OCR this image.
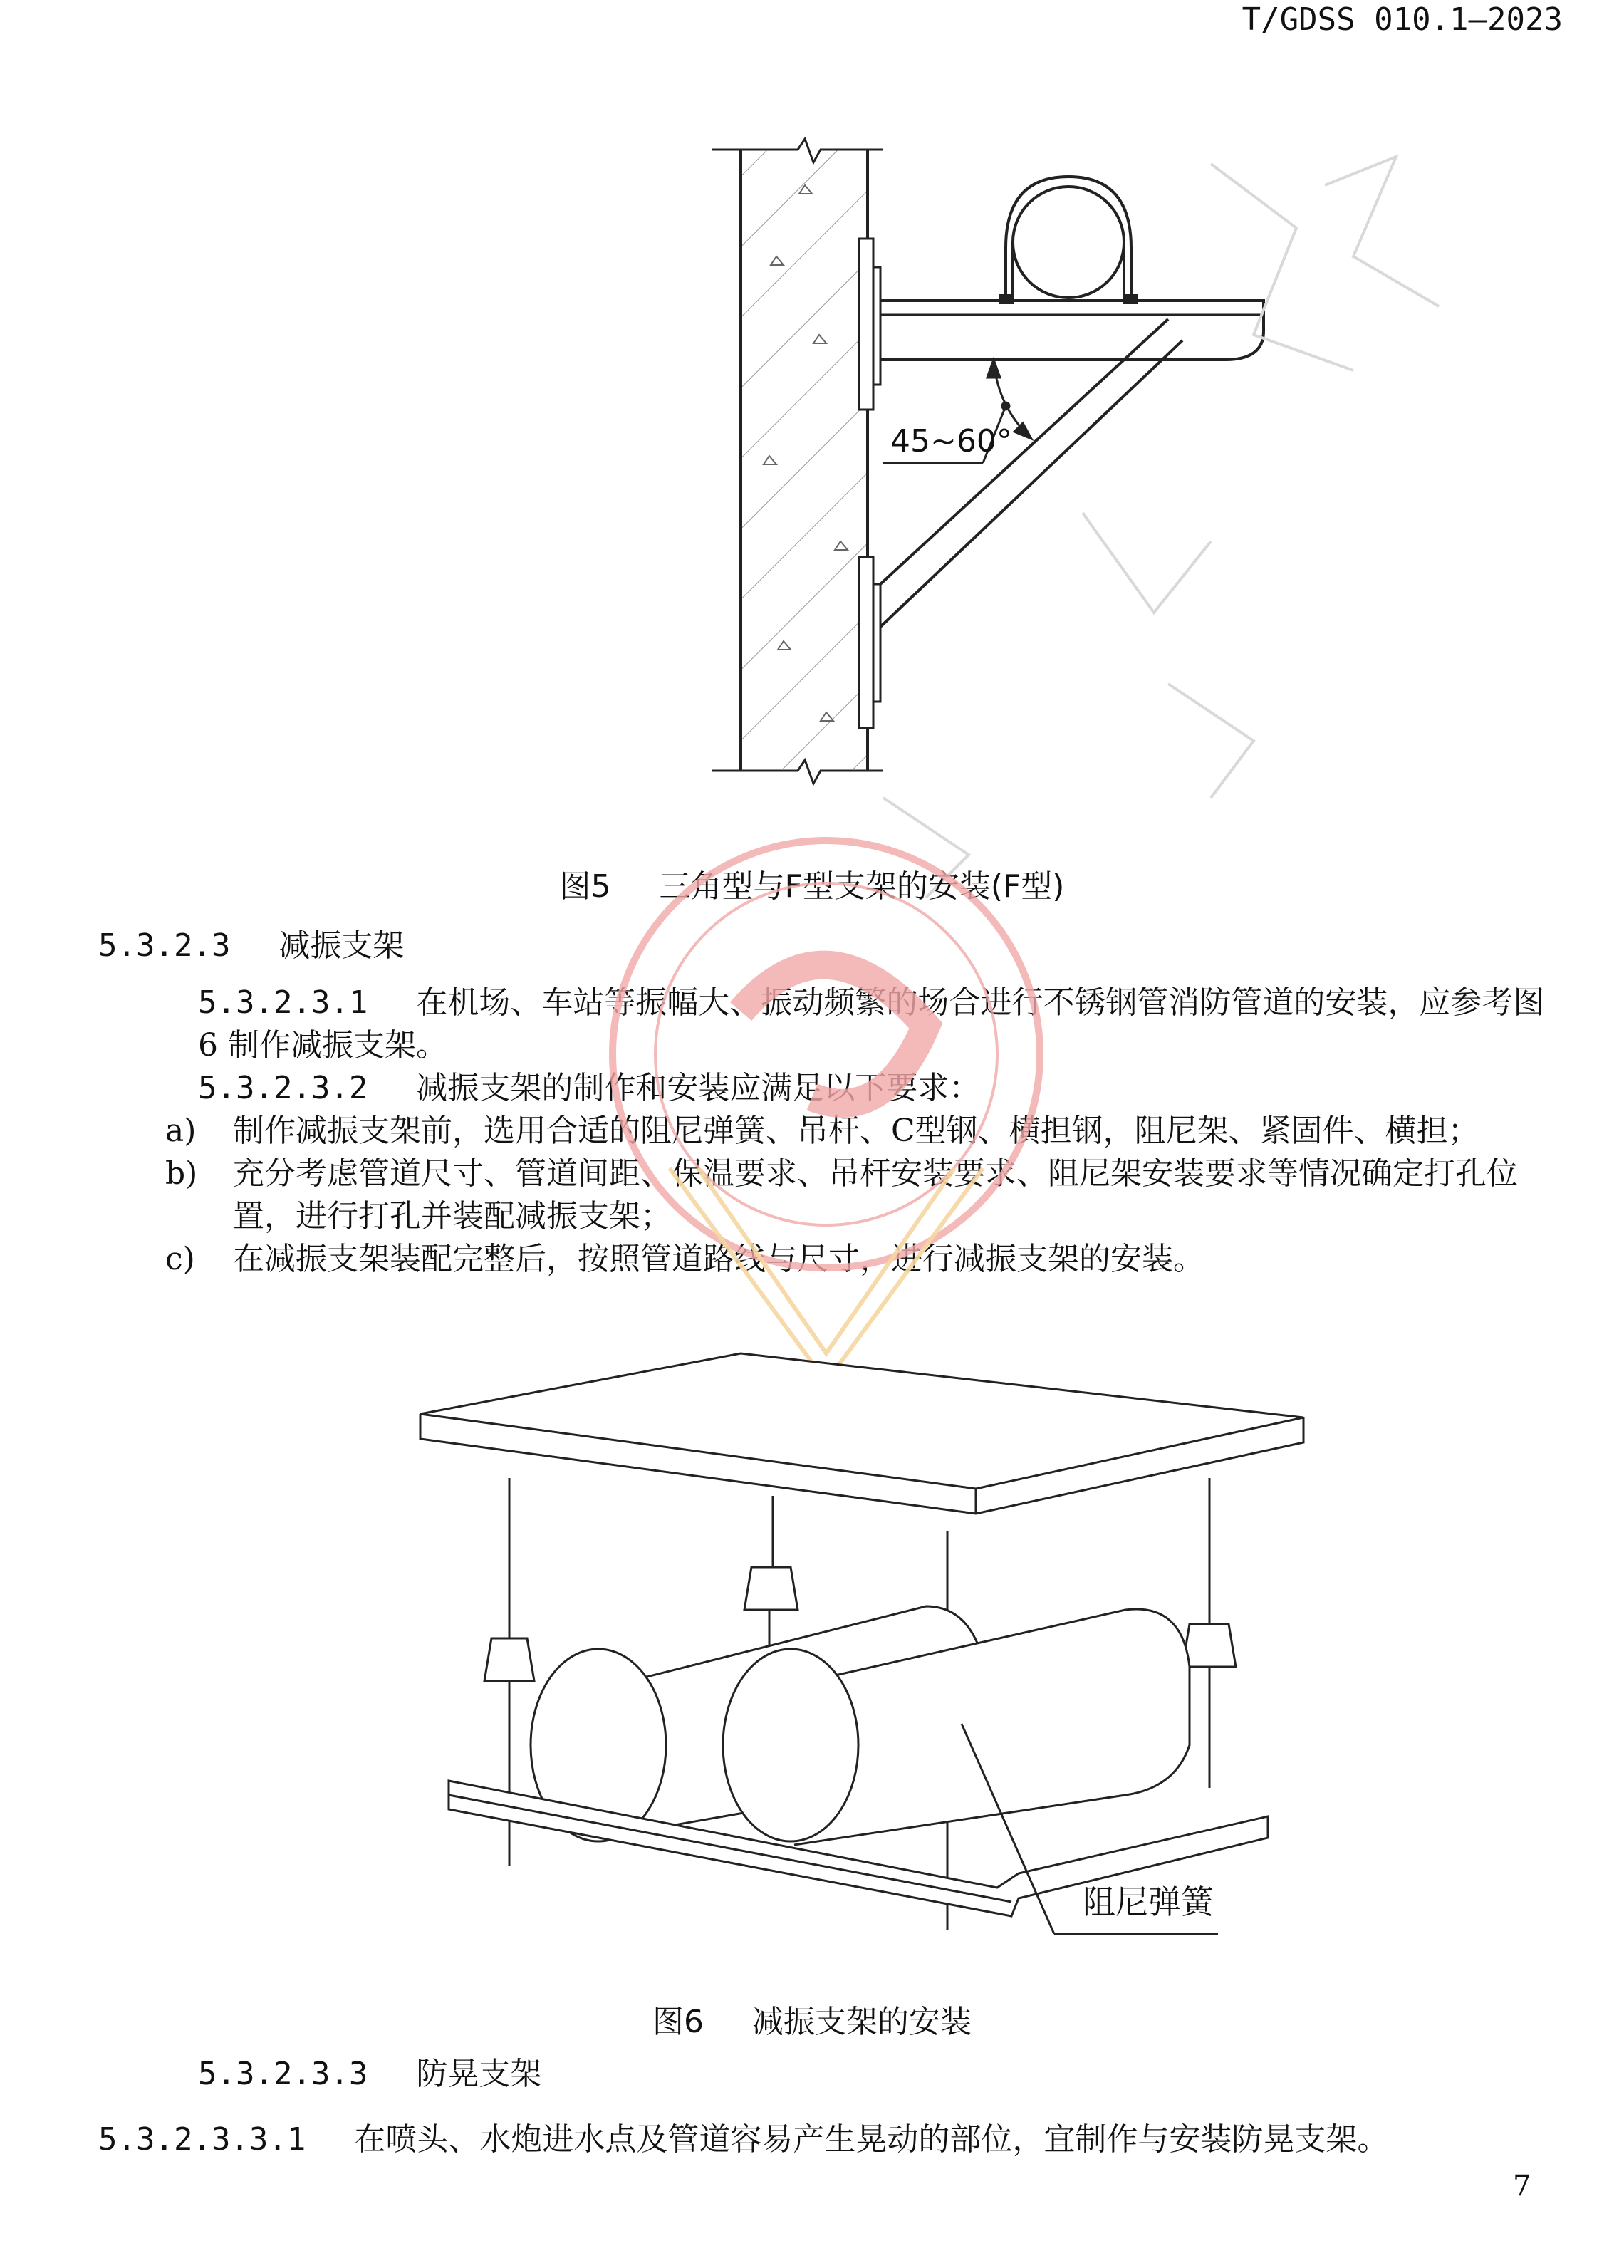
T/GDSS 010.1—2023
45~60°
图5 三角型与F型支架的安装(F型)
5.3.2.3 减振支架
5.3.2.3.1 在机场、车站等振幅大、振动频繁的场合进行不锈钢管消防管道的安装，应参考图
6 制作减振支架。
5.3.2.3.2 减振支架的制作和安装应满足以下要求：
a) 制作减振支架前，选用合适的阻尼弹簧、吊杆、C型钢、横担钢，阻尼架、紧固件、横担；
b) 充分考虑管道尺寸、管道间距、保温要求、吊杆安装要求、阻尼架安装要求等情况确定打孔位
置，进行打孔并装配减振支架；
c) 在减振支架装配完整后，按照管道路线与尺寸，进行减振支架的安装。
阻尼弹簧
图6 减振支架的安装
5.3.2.3.3 防晃支架
5.3.2.3.3.1 在喷头、水炮进水点及管道容易产生晃动的部位，宜制作与安装防晃支架。
7
